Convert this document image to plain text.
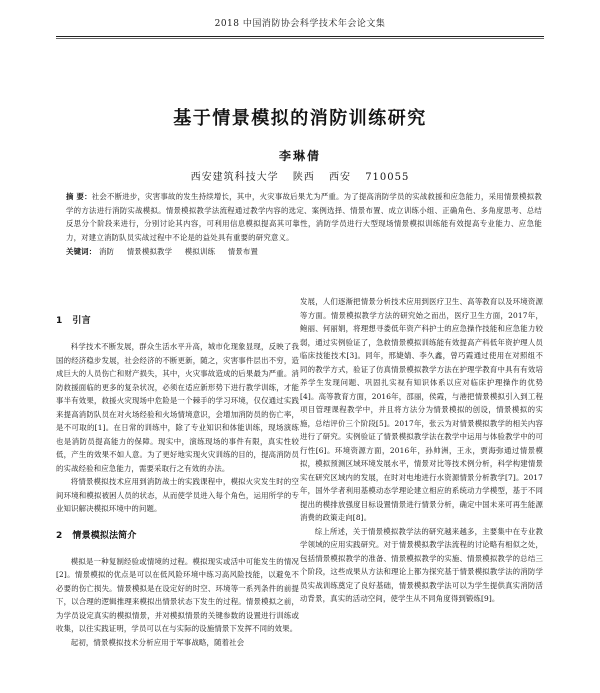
2018 中国消防协会科学技术年会论文集
基于情景模拟的消防训练研究
李琳倩
西安建筑科技大学 陕西 西安 710055
摘 要：社会不断进步，灾害事故的发生持续增长，其中，火灾事故后果尤为严重。为了提高消防学员的实战救援和应急能力，采用情景模拟教学的方法进行消防实战模拟。情景模拟教学法流程通过教学内容的选定、案例选择、情景布置、成立训练小组、正确角色、多角度思考、总结反思分个阶段来进行，分别讨论其内容，可利用信息模拟提高其可靠性，消防学员进行大型现场情景模拟训练能有效提高专业能力、应急能力，对建立消防队员实战过程中不论是的益处具有重要的研究意义。
关键词： 消防 情景模拟教学 模拟训练 情景布置
1 引言

科学技术不断发展，群众生活水平升高，城市化现象显现，反映了我国的经济稳步发展，社会经济的不断更新，随之，灾害事件层出不穷，造成巨大的人员伤亡和财产损失，其中，火灾事故造成的后果最为严重。消防救援面临的更多的复杂状况，必须在适应新形势下进行教学训练，才能事半有效果，救援火灾现场中危险是一个棘手的学习环境，仅仅通过实践来提高消防队员在对火场经验和火场情境意识，会增加消防员的伤亡率，是不可取的[1]。在日常的训练中，除了专业知识和体能训练，现场演练也是消防员提高能力的保障。现实中，演练现场的事件有限，真实性较低，产生的效果不如人意。为了更好地实现火灾训练的目的，提高消防员的实战经验和应急能力，需要采取行之有效的办法。

将情景模拟技术应用到消防战士的实践课程中，模拟火灾发生时的空间环境和模拟被困人员的状态，从而使学员进入每个角色，运用所学的专业知识解决模拟环境中的问题。

2 情景模拟法简介

模拟是一种复制经验或情境的过程。模拟现实或活中可能发生的情况[2]。情景模拟的优点是可以在低风险环境中练习高风险技能，以避免不必要的伤亡损失。情景模拟是在设定好的时空、环境等一系列条件的前提下，以合理的逻辑推理来模拟出情景状态下发生的过程。情景模拟之前，为学员设定真实的模拟情景，并对模拟情景的关键参数的设置进行训练或收集，以往实践证明，学员可以在与实际的设施情景下发挥不同的效果。

起初，情景模拟技术分析应用于军事战略，随着社会

发展，人们逐渐把情景分析技术应用到医疗卫生、高等教育以及环境资源等方面。情景模拟教学方法的研究始之而出，医疗卫生方面，2017年，鲍丽、何丽娟，将理想寻娄低年资产科护士的应急操作技能和应急能力较弱，通过实例验证了，急救情景模拟训练能有效提高产科低年资护理人员临床技能技术[3]。同年，邢婕婧、李久鑫，曾巧霞通过使用在对照组不同的教学方式，验证了仿真情景模拟教学方法在护理学教育中具有有效培养学生发现问题、巩固扎实视有知识体系以应对临床护理操作的优势[4]。高等教育方面，2016年，邵丽，侯霞，与港把情景模拟引入到工程项目管理课程教学中，并且将方法分为情景模拟的创设，情景模拟的实施，总结评价三个阶段[5]。2017年，张云为对情景模拟教学的相关内容进行了研究。实例验证了情景模拟教学法在教学中运用与体验教学中的可行性[6]。环境资源方面，2016年，孙帅洲，王永，贾海弥通过情景模拟，模拟预测区域环境发展水平，情景对比等技术例分析，科学构建情景实在研究区域内的发展，在时对电地进行水资源情景分析教学[7]。2017年，国外学者利用基模动态学理论建立相应的系统动力学模型，基于不同提出的模排放强度目标设置情景进行情景分析，确定中国未来可再生能源消费的政策走向[8]。

综上所述，关于情景模拟教学法的研究越来越多，主要集中在专业教学领域的应用实践研究。对于情景模拟教学法流程的讨论略有相似之处，包括情景模拟教学的准备、情景模拟教学的实施、情景模拟教学的总结三个阶段，这些成果从方法和理论上都为探究基于情景模拟教学法的消防学员实战训练奠定了良好基础，情景模拟教学法可以为学生提供真实消防活动背景，真实的活动空间，使学生从不同角度得到锻炼[9]。
